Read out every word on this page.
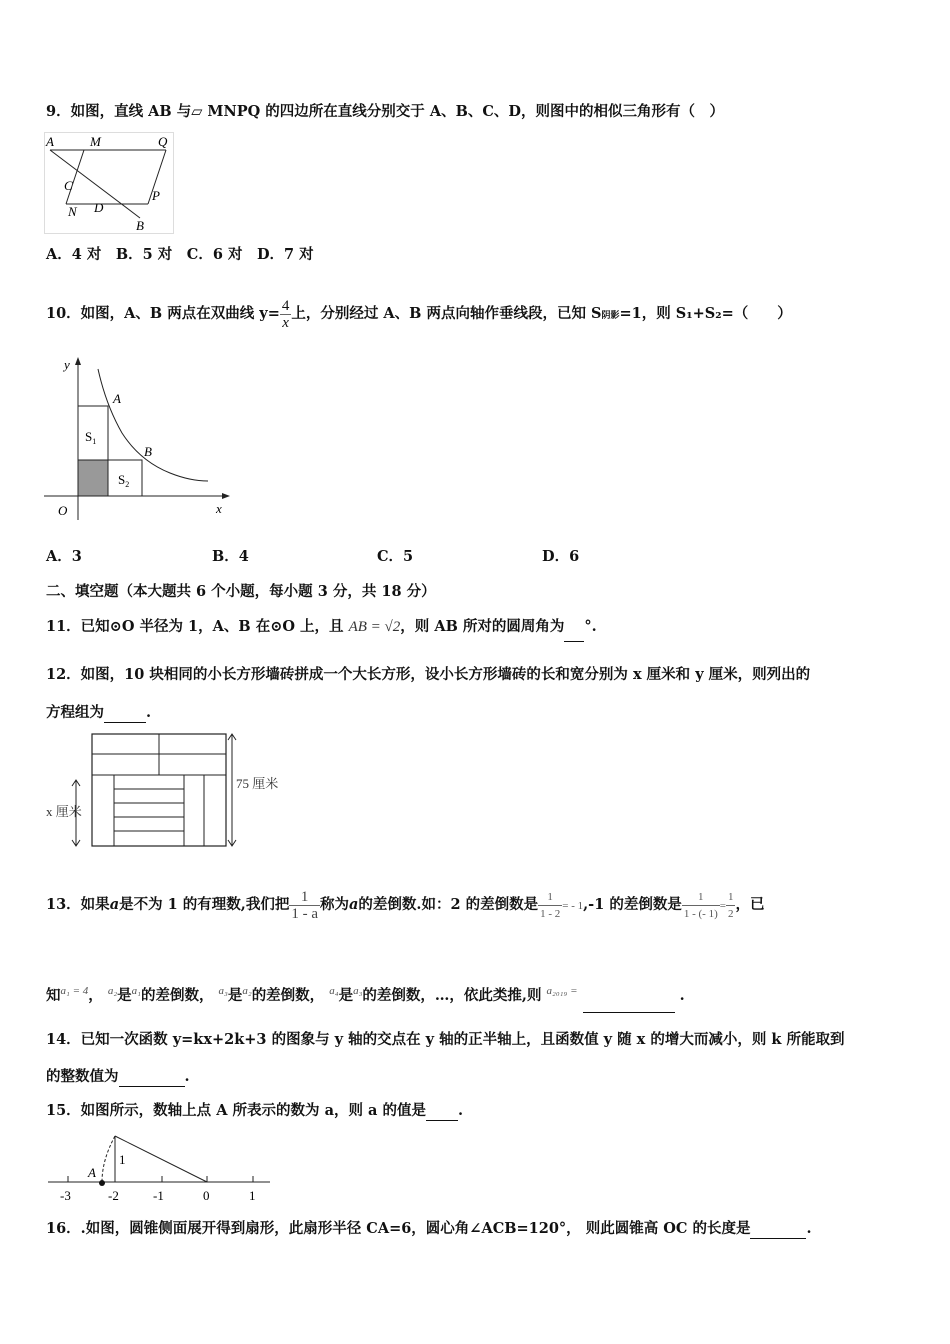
9．如图，直线 AB 与▱ MNPQ 的四边所在直线分别交于 A、B、C、D，则图中的相似三角形有（　）
A	M	Q
C
P
N D
B
A．4 对　B．5 对　C．6 对　D．7 对
10．如图，A、B 两点在双曲线 $y= \frac{4}{x}$ 上，分别经过 A、B 两点向轴作垂线段，已知 S阴影=1，则 S₁+S₂=（　　）
y
A
B
$S_1$
$S_2$
O	x
A．3	B．4	C．5	D．6
二、填空题（本大题共 6 个小题，每小题 3 分，共 18 分）
11．已知⊙O 半径为 1，A、B 在⊙O 上，且 AB = √2，则 AB 所对的圆周角为 °.
12．如图，10 块相同的小长方形墙砖拼成一个大长方形，设小长方形墙砖的长和宽分别为 x 厘米和 y 厘米，则列出的
方程组为	.
75 厘米
x 厘米
13．如果a是不为 1 的有理数,我们把 $\frac{1}{1 - a}$ 称为a的差倒数.如：2 的差倒数是 $\frac{1}{1 - 2}$ = - 1,-1 的差倒数是 $\frac{1}{1 - (- 1)} = \frac{1}{2}$ ，已
知$^{a_1 = 4}$， $^{a_2}$是$^{a_1}$的差倒数， $^{a_3}$是$^{a_2}$的差倒数， $^{a_4}$是$^{a_3}$的差倒数，…，依此类推,则 $^{a_{2019} =}$	.
14．已知一次函数 y=kx+2k+3 的图象与 y 轴的交点在 y 轴的正半轴上，且函数值 y 随 x 的增大而减小，则 k 所能取到
的整数值为	.
15．如图所示，数轴上点 A 所表示的数为 a，则 a 的值是 .
A
1
-3	-2	-1	0	1
16．.如图，圆锥侧面展开得到扇形，此扇形半径 CA=6，圆心角∠ACB=120°， 则此圆锥高 OC 的长度是	.
